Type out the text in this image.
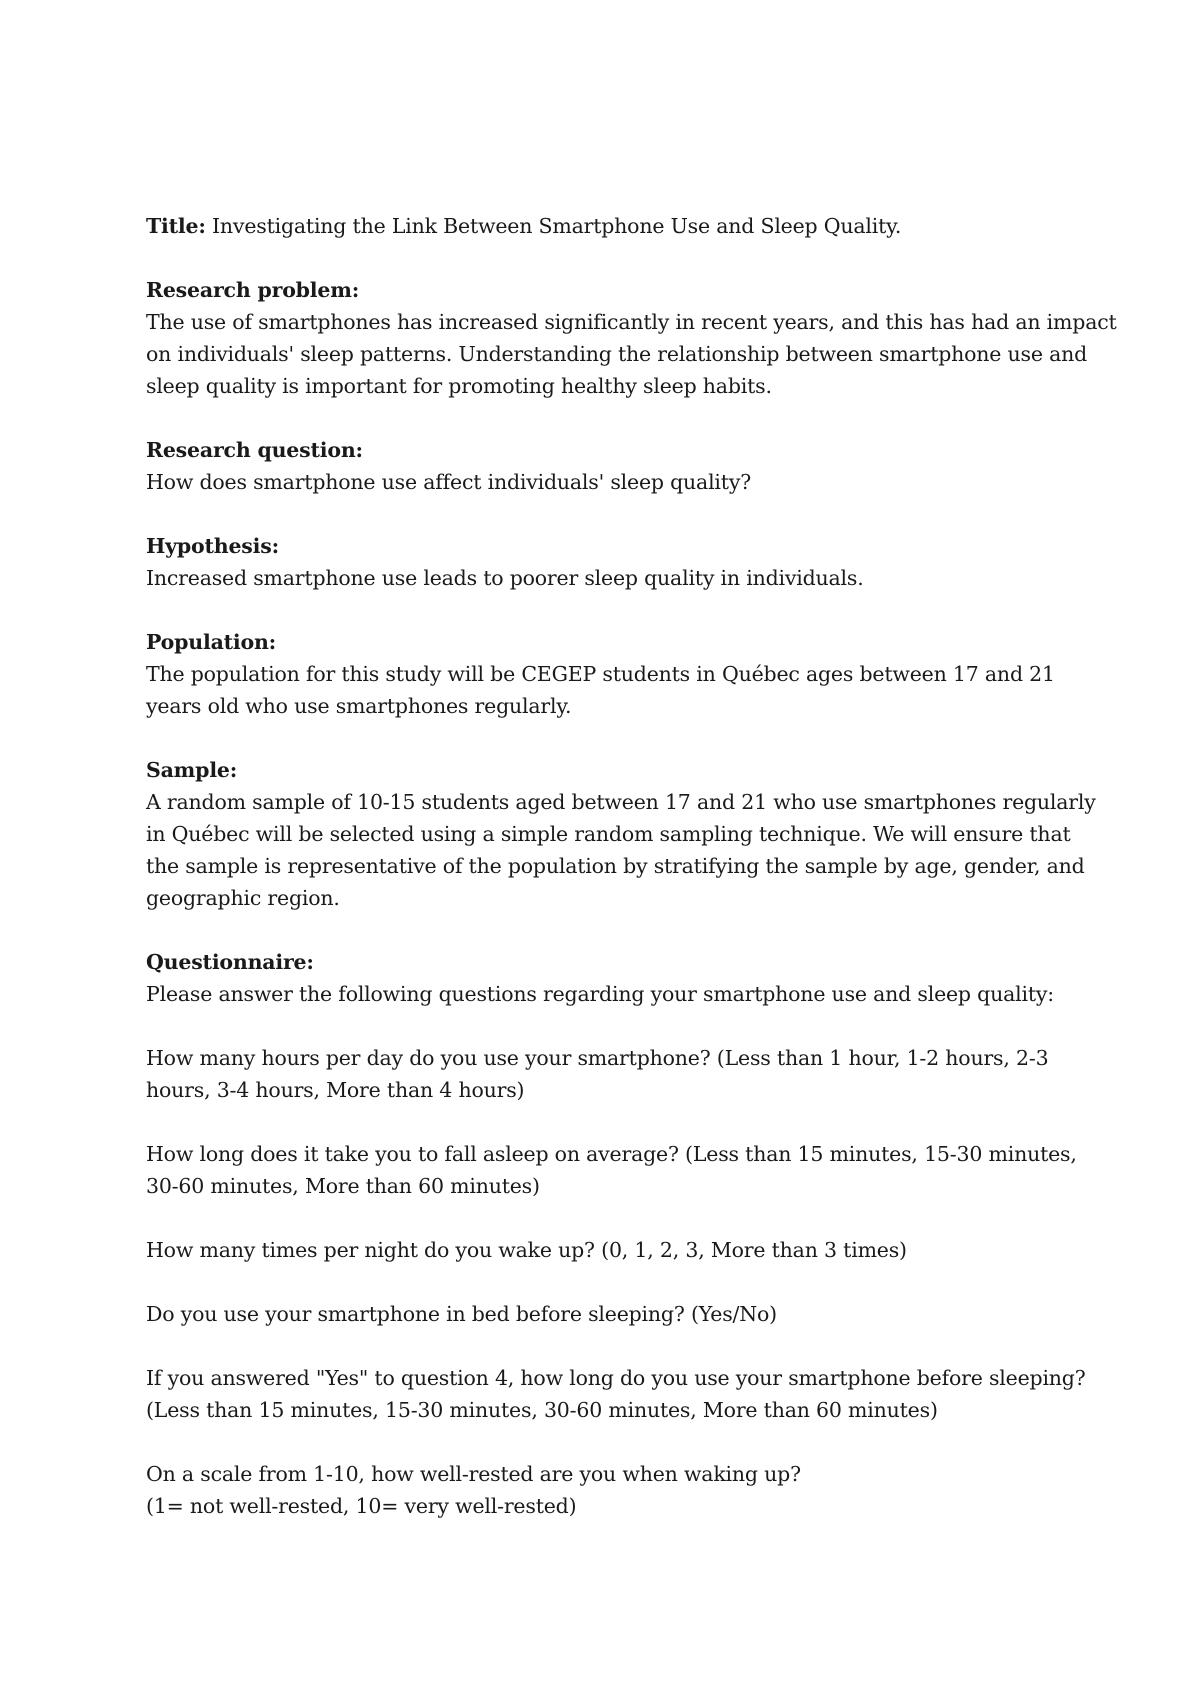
Title: Investigating the Link Between Smartphone Use and Sleep Quality.
Research problem:
The use of smartphones has increased significantly in recent years, and this has had an impact
on individuals' sleep patterns. Understanding the relationship between smartphone use and
sleep quality is important for promoting healthy sleep habits.
Research question:
How does smartphone use affect individuals' sleep quality?
Hypothesis:
Increased smartphone use leads to poorer sleep quality in individuals.
Population:
The population for this study will be CEGEP students in Québec ages between 17 and 21
years old who use smartphones regularly.
Sample:
A random sample of 10-15 students aged between 17 and 21 who use smartphones regularly
in Québec will be selected using a simple random sampling technique. We will ensure that
the sample is representative of the population by stratifying the sample by age, gender, and
geographic region.
Questionnaire:
Please answer the following questions regarding your smartphone use and sleep quality:
How many hours per day do you use your smartphone? (Less than 1 hour, 1-2 hours, 2-3
hours, 3-4 hours, More than 4 hours)
How long does it take you to fall asleep on average? (Less than 15 minutes, 15-30 minutes,
30-60 minutes, More than 60 minutes)
How many times per night do you wake up? (0, 1, 2, 3, More than 3 times)
Do you use your smartphone in bed before sleeping? (Yes/No)
If you answered "Yes" to question 4, how long do you use your smartphone before sleeping?
(Less than 15 minutes, 15-30 minutes, 30-60 minutes, More than 60 minutes)
On a scale from 1-10, how well-rested are you when waking up?
(1= not well-rested, 10= very well-rested)
